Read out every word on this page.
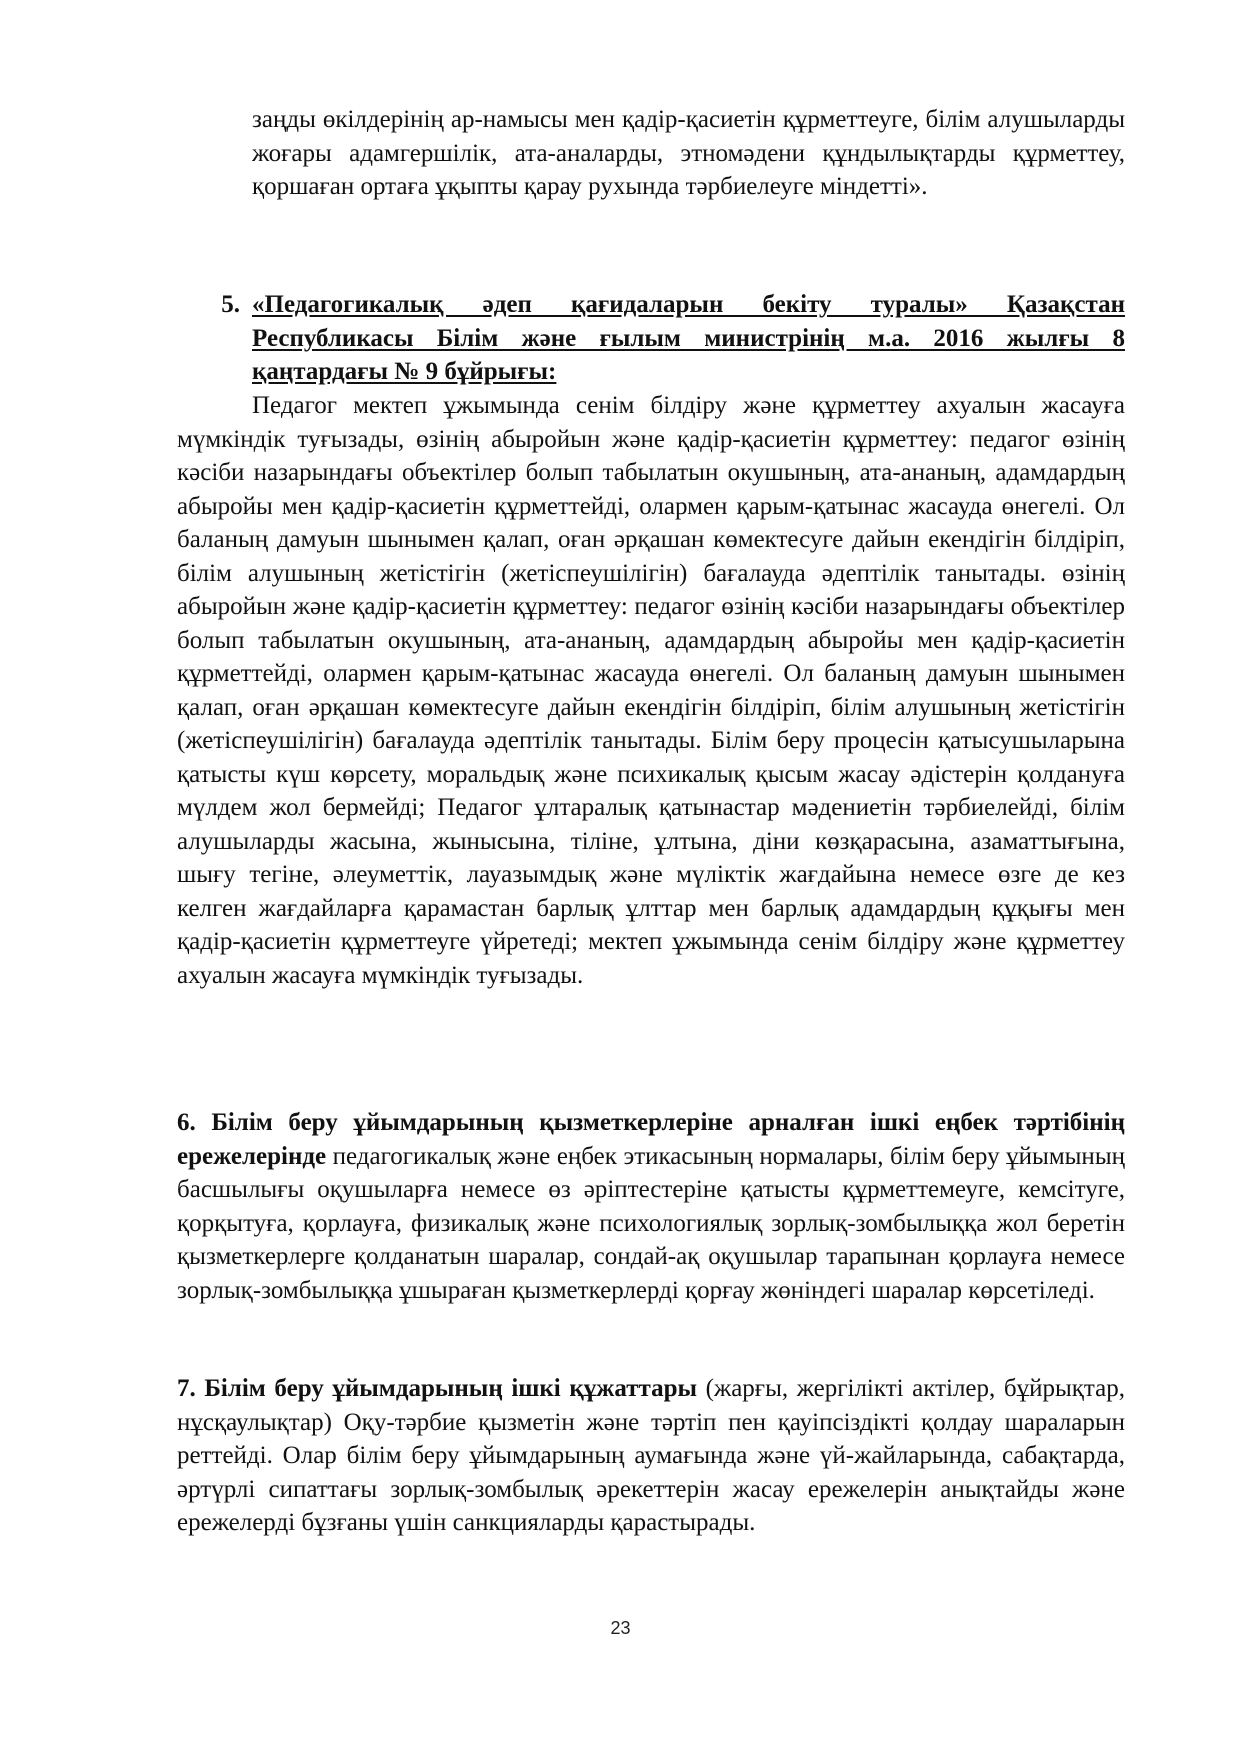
заңды өкілдерінің ар-намысы мен қадір-қасиетін құрметтеуге, білім алушыларды жоғары адамгершілік, ата-аналарды, этномәдени құндылықтарды құрметтеу, қоршаған ортаға ұқыпты қарау рухында тәрбиелеуге міндетті».

5. «Педагогикалық әдеп қағидаларын бекіту туралы» Қазақстан Республикасы Білім және ғылым министрінің м.а. 2016 жылғы 8 қаңтардағы № 9 бұйрығы:

Педагог мектеп ұжымында сенім білдіру және құрметтеу ахуалын жасауға мүмкіндік туғызады, өзінің абыройын және қадір-қасиетін құрметтеу: педагог өзінің кәсіби назарындағы объектілер болып табылатын окушының, ата-ананың, адамдардың абыройы мен қадір-қасиетін құрметтейді, олармен қарым-қатынас жасауда өнегелі. Ол баланың дамуын шынымен қалап, оған әрқашан көмектесуге дайын екендігін білдіріп, білім алушының жетістігін (жетіспеушілігін) бағалауда әдептілік танытады. өзінің абыройын және қадір-қасиетін құрметтеу: педагог өзінің кәсіби назарындағы объектілер болып табылатын окушының, ата-ананың, адамдардың абыройы мен қадір-қасиетін құрметтейді, олармен қарым-қатынас жасауда өнегелі. Ол баланың дамуын шынымен қалап, оған әрқашан көмектесуге дайын екендігін білдіріп, білім алушының жетістігін (жетіспеушілігін) бағалауда әдептілік танытады. Білім беру процесін қатысушыларына қатысты күш көрсету, моральдық және психикалық қысым жасау әдістерін қолдануға мүлдем жол бермейді; Педагог ұлтаралық қатынастар мәдениетін тәрбиелейді, білім алушыларды жасына, жынысына, тіліне, ұлтына, діни көзқарасына, азаматтығына, шығу тегіне, әлеуметтік, лауазымдық және мүліктік жағдайына немесе өзге де кез келген жағдайларға қарамастан барлық ұлттар мен барлық адамдардың құқығы мен қадір-қасиетін құрметтеуге үйретеді; мектеп ұжымында сенім білдіру және құрметтеу ахуалын жасауға мүмкіндік туғызады.

6. Білім беру ұйымдарының қызметкерлеріне арналған ішкі еңбек тәртібінің ережелерінде педагогикалық және еңбек этикасының нормалары, білім беру ұйымының басшылығы оқушыларға немесе өз әріптестеріне қатысты құрметтемеуге, кемсітуге, қорқытуға, қорлауға, физикалық және психологиялық зорлық-зомбылыққа жол беретін қызметкерлерге қолданатын шаралар, сондай-ақ оқушылар тарапынан қорлауға немесе зорлық-зомбылыққа ұшыраған қызметкерлерді қорғау жөніндегі шаралар көрсетіледі.

7. Білім беру ұйымдарының ішкі құжаттары (жарғы, жергілікті актілер, бұйрықтар, нұсқаулықтар) Оқу-тәрбие қызметін және тәртіп пен қауіпсіздікті қолдау шараларын реттейді. Олар білім беру ұйымдарының аумағында және үй-жайларында, сабақтарда, әртүрлі сипаттағы зорлық-зомбылық әрекеттерін жасау ережелерін анықтайды және ережелерді бұзғаны үшін санкцияларды қарастырады.

23
